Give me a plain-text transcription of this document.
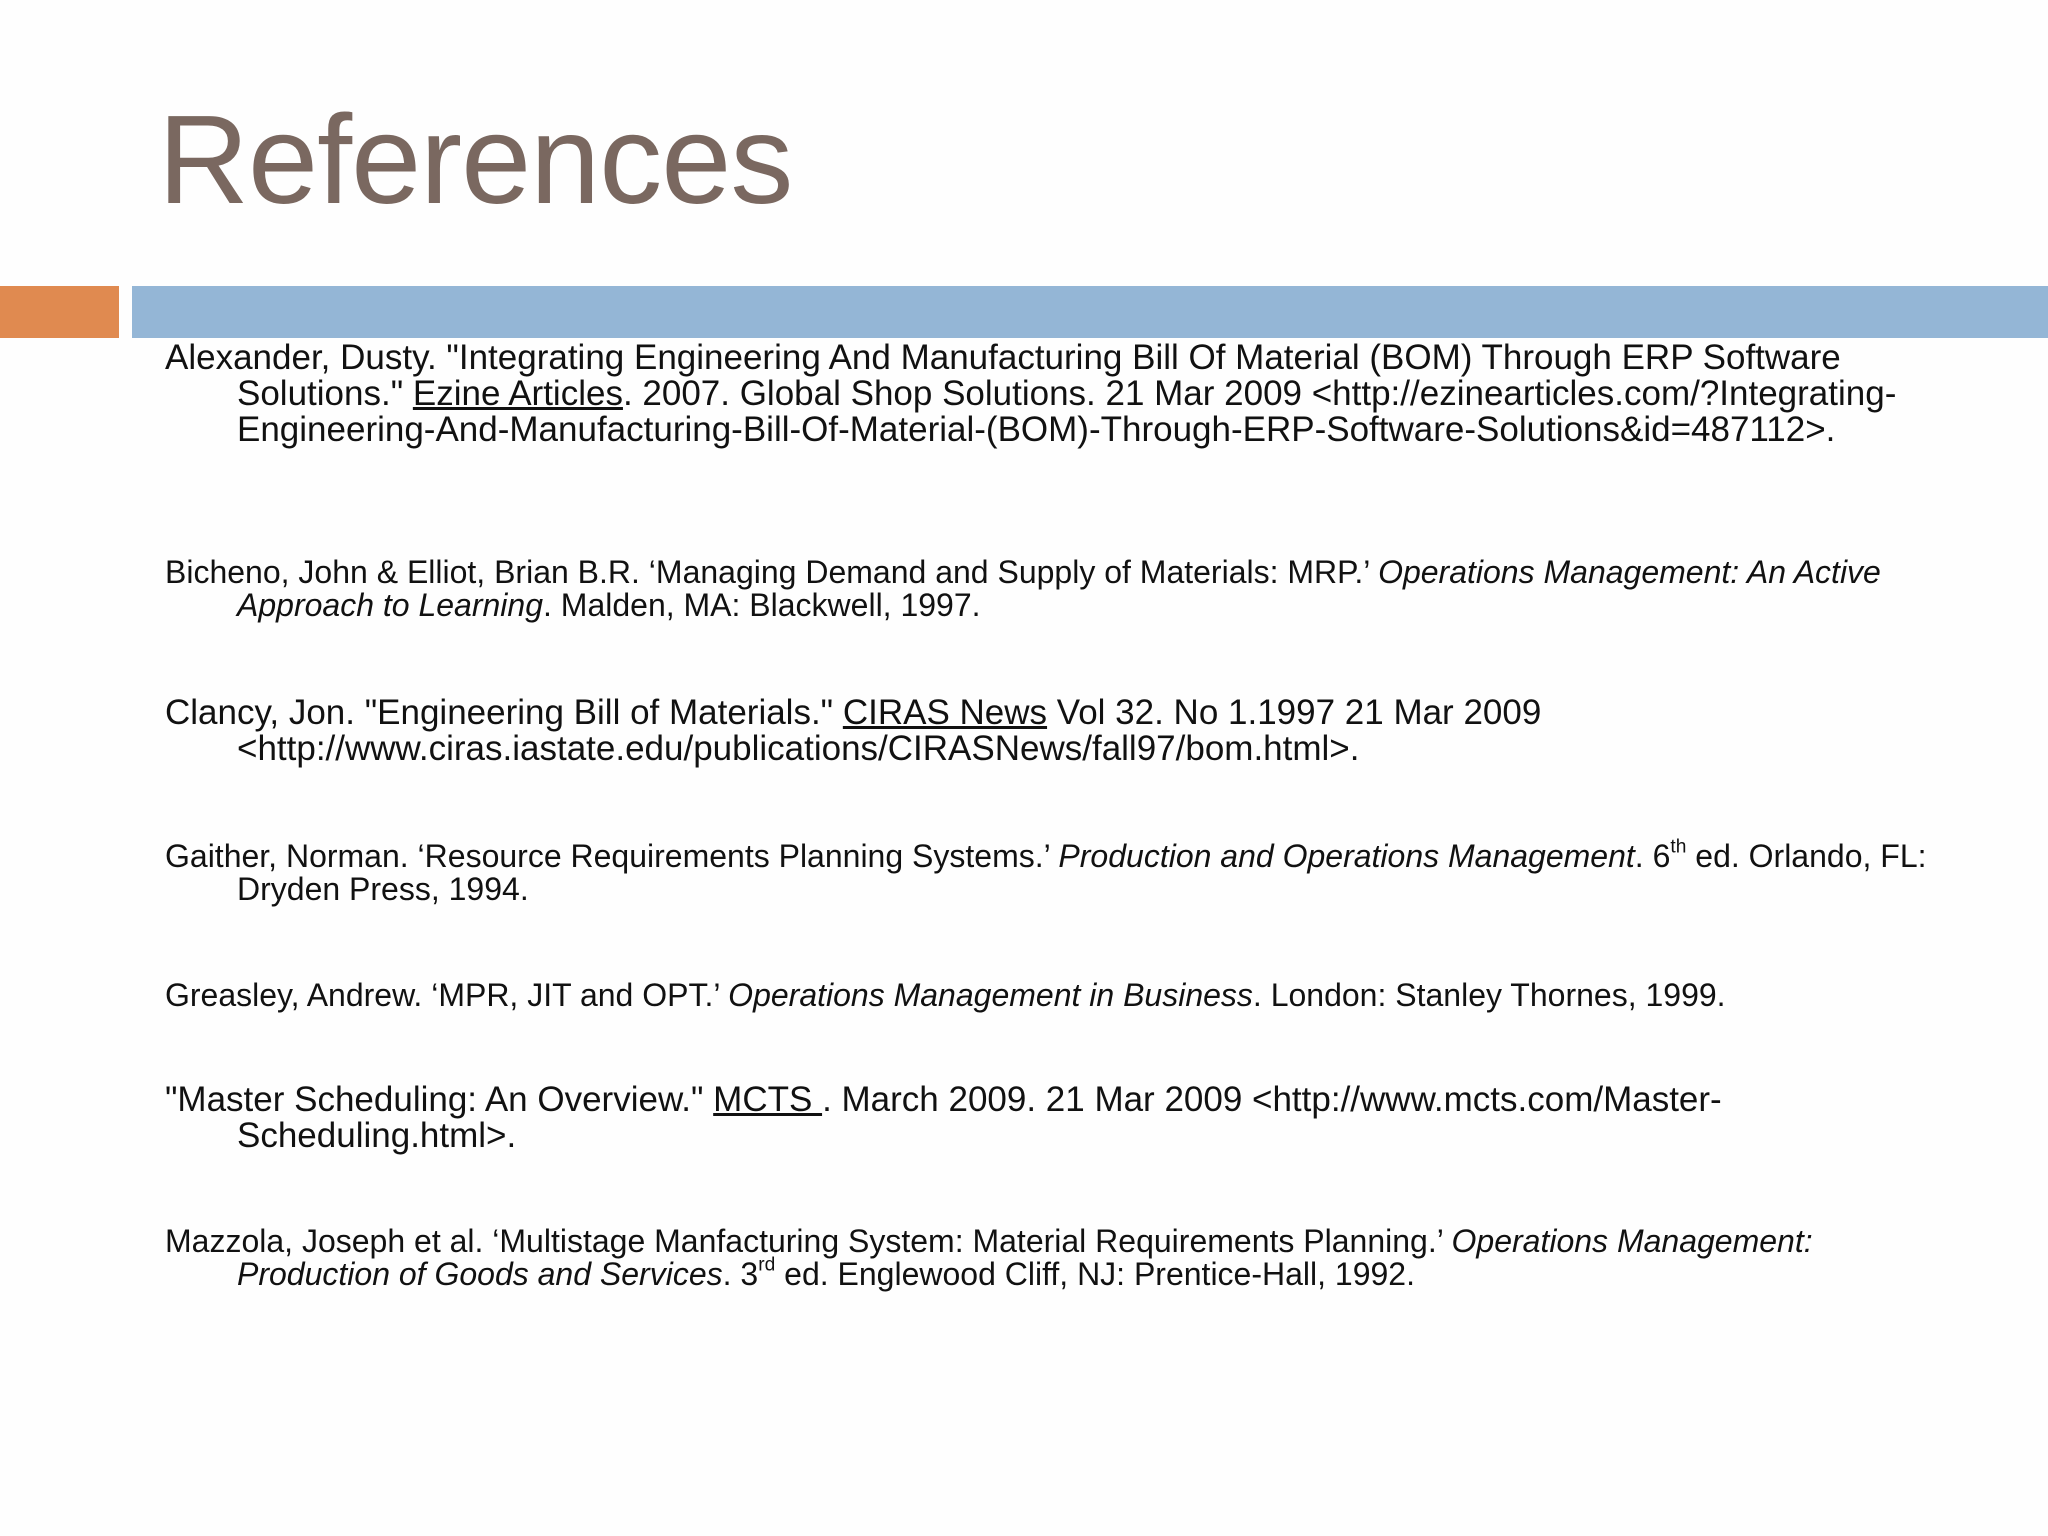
References

Alexander, Dusty. "Integrating Engineering And Manufacturing Bill Of Material (BOM) Through ERP Software Solutions." Ezine Articles. 2007. Global Shop Solutions. 21 Mar 2009 <http://ezinearticles.com/?Integrating-Engineering-And-Manufacturing-Bill-Of-Material-(BOM)-Through-ERP-Software-Solutions&id=487112>.

Bicheno, John & Elliot, Brian B.R. ‘Managing Demand and Supply of Materials: MRP.’ Operations Management: An Active Approach to Learning. Malden, MA: Blackwell, 1997.

Clancy, Jon. "Engineering Bill of Materials." CIRAS News Vol 32. No 1.1997 21 Mar 2009 <http://www.ciras.iastate.edu/publications/CIRASNews/fall97/bom.html>.

Gaither, Norman. ‘Resource Requirements Planning Systems.’ Production and Operations Management. 6th ed. Orlando, FL: Dryden Press, 1994.

Greasley, Andrew. ‘MPR, JIT and OPT.’ Operations Management in Business. London: Stanley Thornes, 1999.

"Master Scheduling: An Overview." MCTS . March 2009. 21 Mar 2009 <http://www.mcts.com/Master-Scheduling.html>.

Mazzola, Joseph et al. ‘Multistage Manfacturing System: Material Requirements Planning.’ Operations Management: Production of Goods and Services. 3rd ed. Englewood Cliff, NJ: Prentice-Hall, 1992.
